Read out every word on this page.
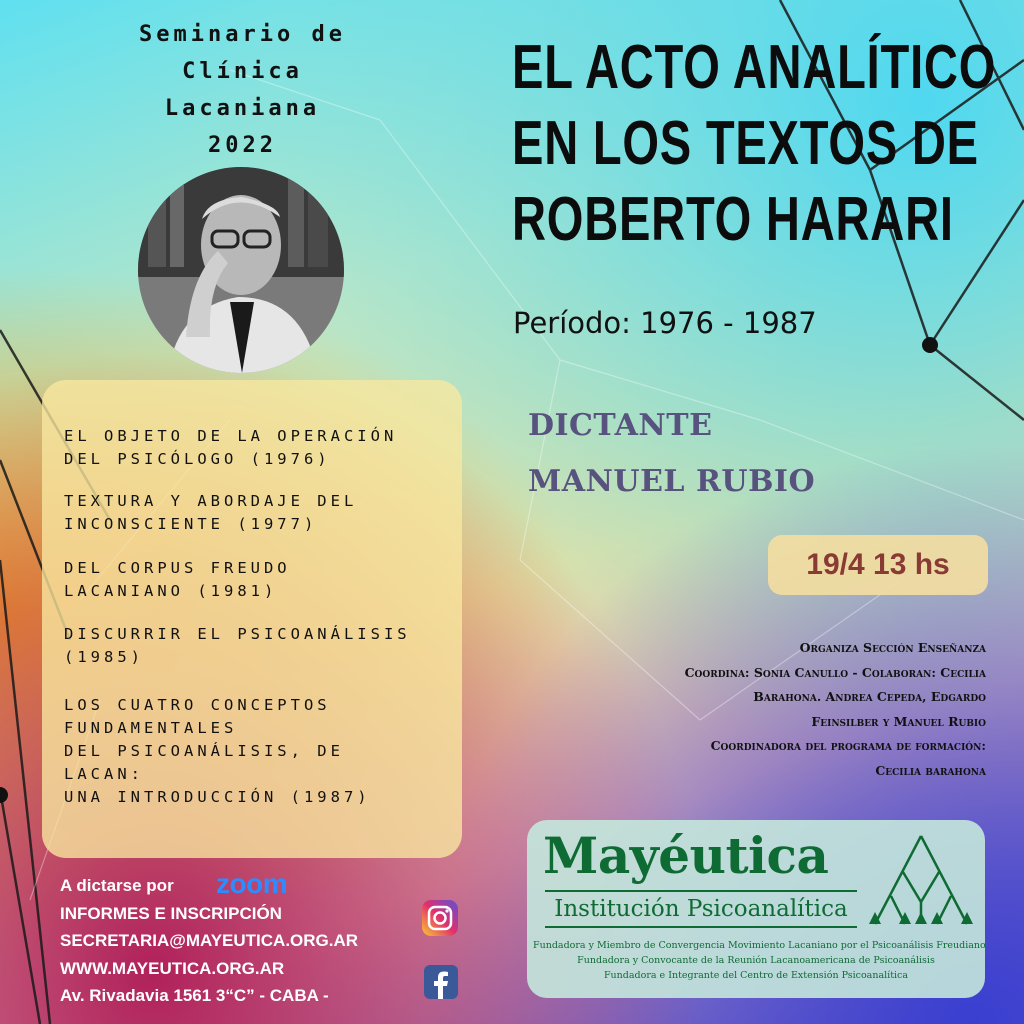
Seminario de
Clínica
Lacaniana
2022
EL ACTO ANALÍTICO
EN LOS TEXTOS DE
ROBERTO HARARI
Período: 1976 - 1987
DICTANTE
MANUEL RUBIO
19/4 13 hs
EL OBJETO DE LA OPERACIÓN
DEL PSICÓLOGO (1976)
TEXTURA Y ABORDAJE DEL
INCONSCIENTE (1977)
DEL CORPUS FREUDO
LACANIANO (1981)
DISCURRIR EL PSICOANÁLISIS
(1985)
LOS CUATRO CONCEPTOS
FUNDAMENTALES
DEL PSICOANÁLISIS, DE
LACAN:
UNA INTRODUCCIÓN (1987)
Organiza Sección Enseñanza
Coordina: Sonia Canullo - Colaboran: Cecilia
Barahona. Andrea Cepeda, Edgardo
Feinsilber y Manuel Rubio
Coordinadora del programa de formación:
Cecilia barahona
Mayéutica
Institución Psicoanalítica
Fundadora y Miembro de Convergencia Movimiento Lacaniano por el Psicoanálisis Freudiano
Fundadora y Convocante de la Reunión Lacanoamericana de Psicoanálisis
Fundadora e Integrante del Centro de Extensión Psicoanalítica
A dictarse por
INFORMES E INSCRIPCIÓN
SECRETARIA@MAYEUTICA.ORG.AR
WWW.MAYEUTICA.ORG.AR
Av. Rivadavia 1561 3“C” - CABA -
zoom
